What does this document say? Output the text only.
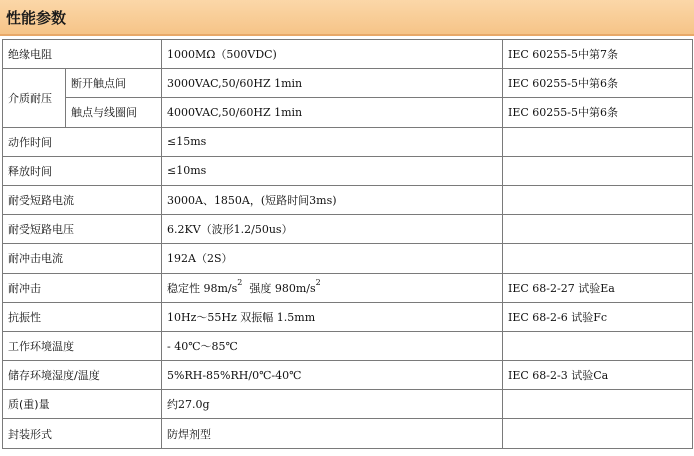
性能参数
绝缘电阻		1000MΩ（500VDC)	IEC 60255-5中第7条
介质耐压	断开触点间	3000VAC,50/60HZ 1min	IEC 60255-5中第6条
	触点与线圈间	4000VAC,50/60HZ 1min	IEC 60255-5中第6条
动作时间		≤15ms	
释放时间		≤10ms	
耐受短路电流		3000A、1850A，(短路时间3ms)	
耐受短路电压		6.2KV（波形1.2/50us）	
耐冲击电流		192A（2S）	
耐冲击		稳定性 $98m/s^2$ 强度 $980m/s^2$	IEC 68-2-27 试验Ea
抗振性		10Hz～55Hz 双振幅 1.5mm	IEC 68-2-6 试验Fc
工作环境温度		- 40℃～85℃	
储存环境湿度/温度		5%RH-85%RH/0℃-40℃	IEC 68-2-3 试验Ca
质(重)量		约27.0g	
封装形式		防焊剂型	
